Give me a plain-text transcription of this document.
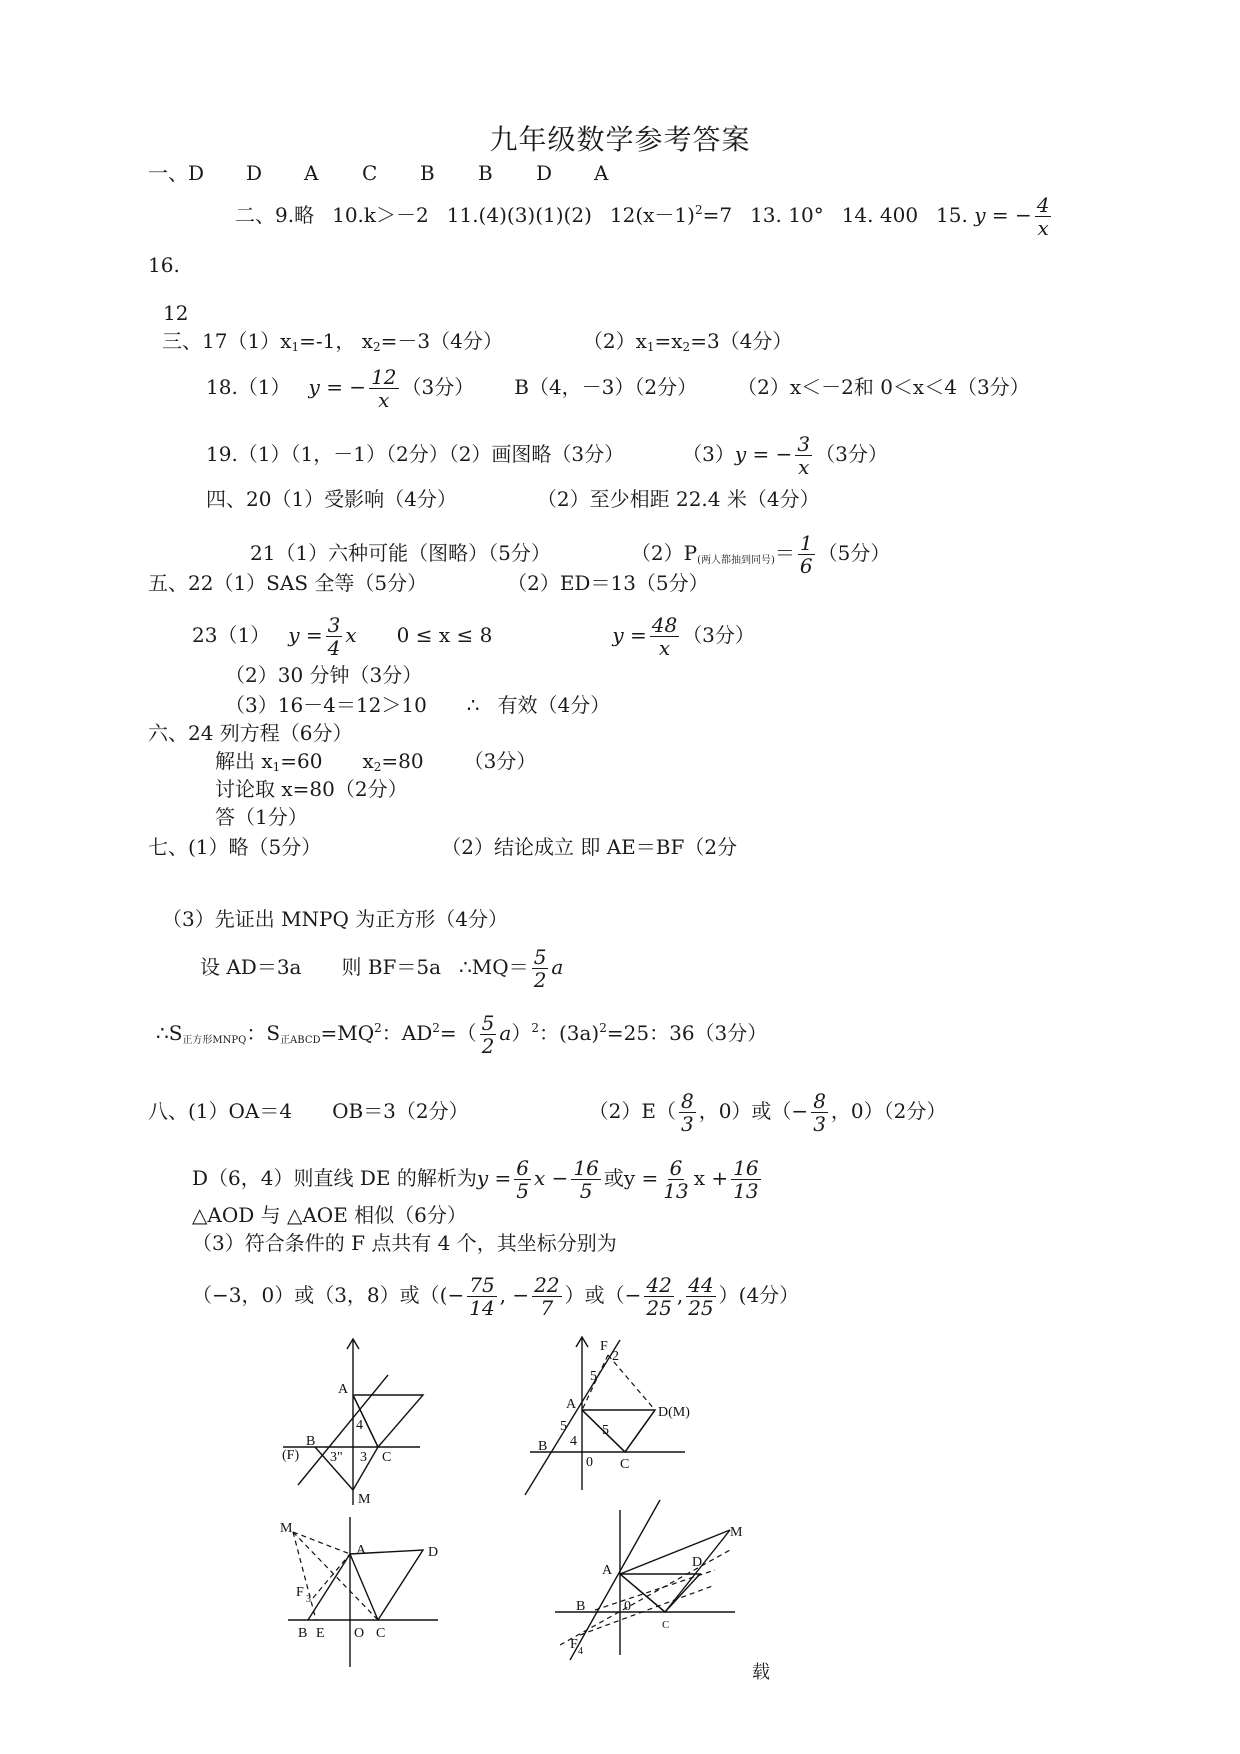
九年级数学参考答案
一、D D A C B B D A
二、9.略 10.k＞－2 11.(4)(3)(1)(2) $12(x-1)^2=7$ 13. 10° 14. 400 15. y = − $\frac{4}{x}$
16.
12
三、$17(1)x_1=-1$， $x_2=-3(4$分）	$(2)x_1=x_2=3(4$分）
18.（1） y = − $\frac{12}{x} (3$分） B（4，－3）（2分） （2）x＜－2和 0＜x＜4（3分）
19.（1）（1，－1）（2分）（2）画图略（3分）	（3）y = − $\frac{3}{x} (3$分）
四、20（1）受影响（4分）	（2）至少相距 22.4 米（4分）
21（1）六种可能（图略）（5分）	$(2)P_{(两人都抽到同号)}= \frac{1}{6} (5$分）
五、22（1）SAS 全等（5分）	（2）ED＝13（5分）
23（1） $y = \frac{3}{4}$ x 0 ≤ x ≤ 8	$y = \frac{48}{x} (3$分）
（2）30 分钟（3分）
（3）16－4＝12＞10 ∴ 有效（4分）
六、24 列方程（6分）
解出 $x_1=60$ $x_2=80$ （3分）
讨论取 x=80（2分）
答（1分）
七、(1）略（5分）	（2）结论成立 即 AE＝BF（2分
（3）先证出 MNPQ 为正方形（4分）
设 AD＝3a 则 BF＝5a ∴MQ＝ $\frac{5}{2}$ a
$\therefore S_{正方形MNPQ}$：$S_{正ABCD}=MQ^2$：$AD^2=( \frac{5}{2} a)^2$：$(3a)^2=25$：36（3分）
八、(1）OA＝4 OB＝3（2分）	$(2)E( \frac{8}{3}$ ，0）或（− $\frac{8}{3}$ ，0）（2分）
D（6，4）则直线 DE 的解析为$y = \frac{6}{5}$ $x - \frac{16}{5}$ 或$y = \frac{6}{13}$ $x + \frac{16}{13}$
△AOD 与 △AOE 相似（6分）
（3）符合条件的 F 点共有 4 个，其坐标分别为
（−3，0）或（3，8）或（(− $\frac{75}{14}$ , − $\frac{22}{7}$ ）或（− $\frac{42}{25}$ , $\frac{44}{25} )(4$分）
A
B
(F)	C
M
4
3
3"
F
2
A
D(M)
B
C
0
5
5	5
4
M
A	D
F 3
B E O C
A
M
D
B	0
C
F 4
载
